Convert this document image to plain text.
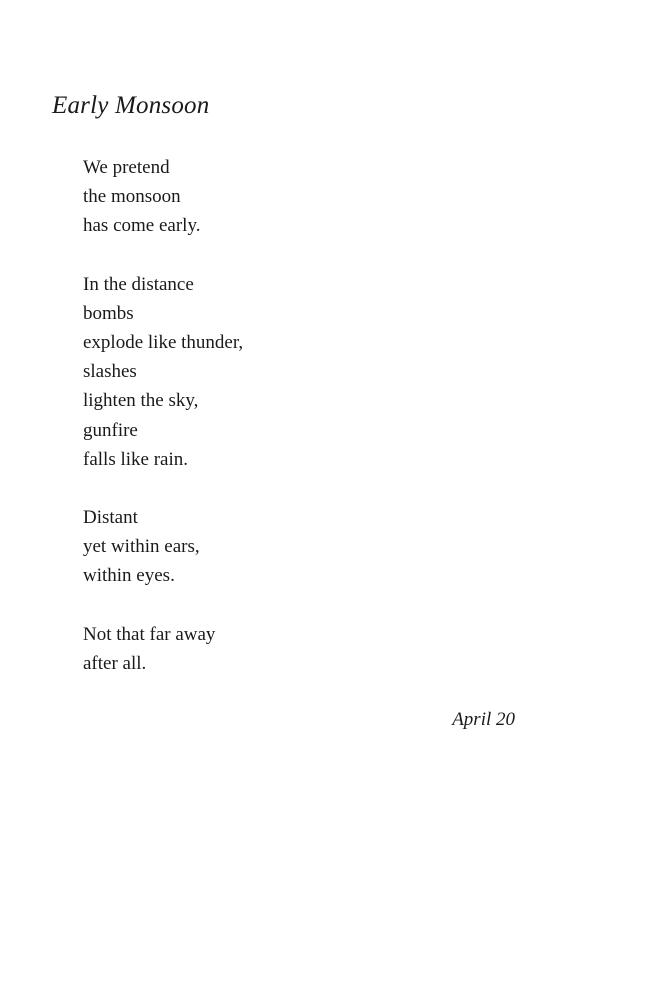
Early Monsoon
We pretend
the monsoon
has come early.
In the distance
bombs
explode like thunder,
slashes
lighten the sky,
gunfire
falls like rain.
Distant
yet within ears,
within eyes.
Not that far away
after all.
April 20
